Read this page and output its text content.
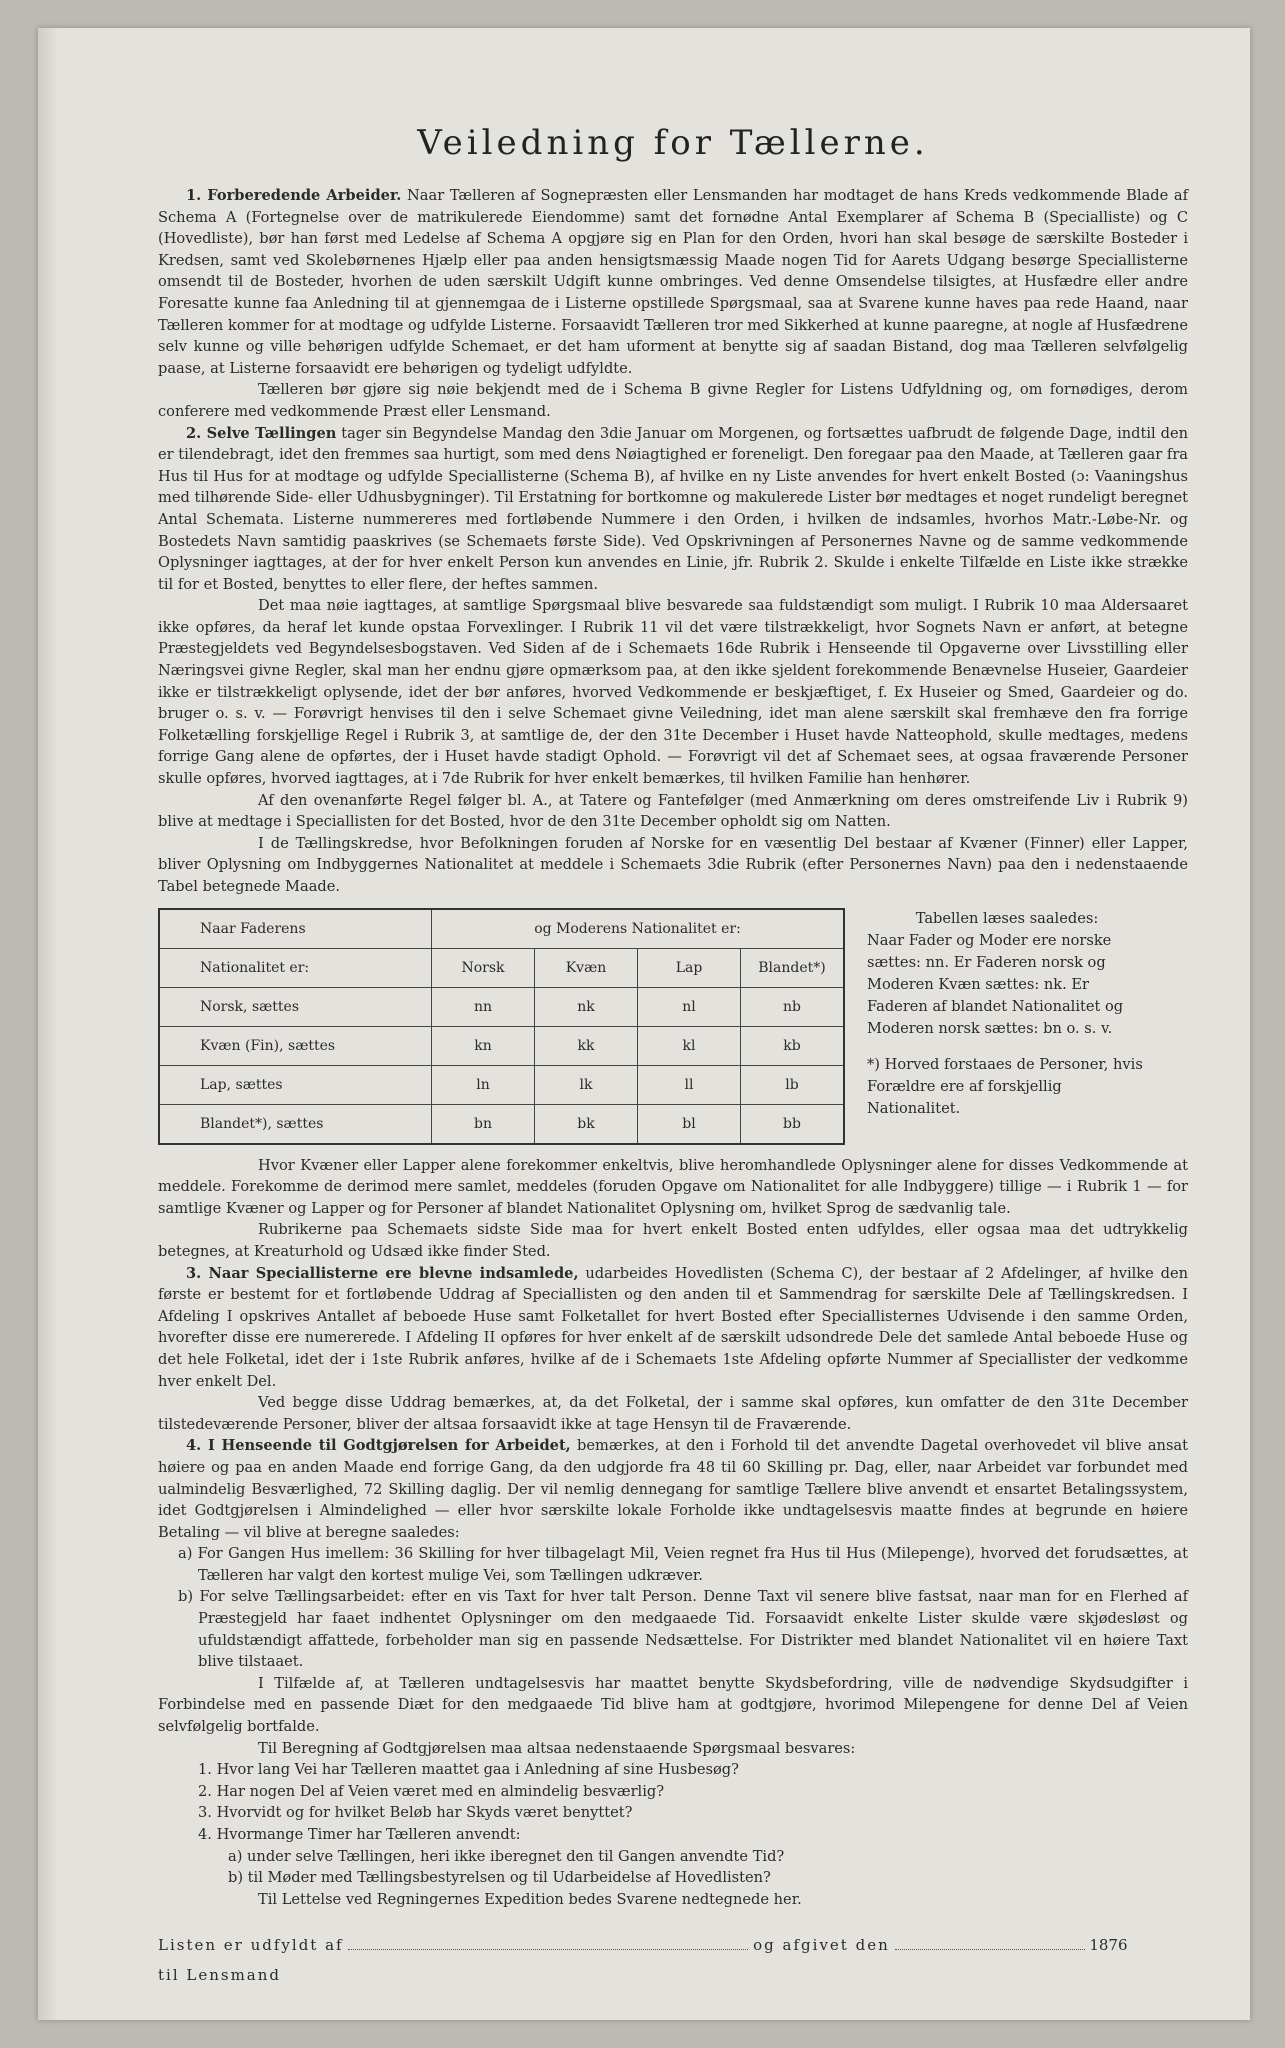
Veiledning for Tællerne.

1. Forberedende Arbeider. Naar Tælleren af Sognepræsten eller Lensmanden har modtaget de hans Kreds vedkommende Blade af Schema A (Fortegnelse over de matrikulerede Eiendomme) samt det fornødne Antal Exemplarer af Schema B (Specialliste) og C (Hovedliste), bør han først med Ledelse af Schema A opgjøre sig en Plan for den Orden, hvori han skal besøge de særskilte Bosteder i Kredsen, samt ved Skolebørnenes Hjælp eller paa anden hensigtsmæssig Maade nogen Tid for Aarets Udgang besørge Speciallisterne omsendt til de Bosteder, hvorhen de uden særskilt Udgift kunne ombringes. Ved denne Omsendelse tilsigtes, at Husfædre eller andre Foresatte kunne faa Anledning til at gjennemgaa de i Listerne opstillede Spørgsmaal, saa at Svarene kunne haves paa rede Haand, naar Tælleren kommer for at modtage og udfylde Listerne. Forsaavidt Tælleren tror med Sikkerhed at kunne paaregne, at nogle af Husfædrene selv kunne og ville behørigen udfylde Schemaet, er det ham uforment at benytte sig af saadan Bistand, dog maa Tælleren selvfølgelig paase, at Listerne forsaavidt ere behørigen og tydeligt udfyldte.

Tælleren bør gjøre sig nøie bekjendt med de i Schema B givne Regler for Listens Udfyldning og, om fornødiges, derom conferere med vedkommende Præst eller Lensmand.

2. Selve Tællingen tager sin Begyndelse Mandag den 3die Januar om Morgenen, og fortsættes uafbrudt de følgende Dage, indtil den er tilendebragt, idet den fremmes saa hurtigt, som med dens Nøiagtighed er foreneligt. Den foregaar paa den Maade, at Tælleren gaar fra Hus til Hus for at modtage og udfylde Speciallisterne (Schema B), af hvilke en ny Liste anvendes for hvert enkelt Bosted (ɔ: Vaaningshus med tilhørende Side- eller Udhusbygninger). Til Erstatning for bortkomne og makulerede Lister bør medtages et noget rundeligt beregnet Antal Schemata. Listerne nummereres med fortløbende Nummere i den Orden, i hvilken de indsamles, hvorhos Matr.-Løbe-Nr. og Bostedets Navn samtidig paaskrives (se Schemaets første Side). Ved Opskrivningen af Personernes Navne og de samme vedkommende Oplysninger iagttages, at der for hver enkelt Person kun anvendes en Linie, jfr. Rubrik 2. Skulde i enkelte Tilfælde en Liste ikke strække til for et Bosted, benyttes to eller flere, der heftes sammen.

Det maa nøie iagttages, at samtlige Spørgsmaal blive besvarede saa fuldstændigt som muligt. I Rubrik 10 maa Aldersaaret ikke opføres, da heraf let kunde opstaa Forvexlinger. I Rubrik 11 vil det være tilstrækkeligt, hvor Sognets Navn er anført, at betegne Præstegjeldets ved Begyndelsesbogstaven. Ved Siden af de i Schemaets 16de Rubrik i Henseende til Opgaverne over Livsstilling eller Næringsvei givne Regler, skal man her endnu gjøre opmærksom paa, at den ikke sjeldent forekommende Benævnelse Huseier, Gaardeier ikke er tilstrækkeligt oplysende, idet der bør anføres, hvorved Vedkommende er beskjæftiget, f. Ex Huseier og Smed, Gaardeier og do. bruger o. s. v. — Forøvrigt henvises til den i selve Schemaet givne Veiledning, idet man alene særskilt skal fremhæve den fra forrige Folketælling forskjellige Regel i Rubrik 3, at samtlige de, der den 31te December i Huset havde Natteophold, skulle medtages, medens forrige Gang alene de opførtes, der i Huset havde stadigt Ophold. — Forøvrigt vil det af Schemaet sees, at ogsaa fraværende Personer skulle opføres, hvorved iagttages, at i 7de Rubrik for hver enkelt bemærkes, til hvilken Familie han henhører.

Af den ovenanførte Regel følger bl. A., at Tatere og Fantefølger (med Anmærkning om deres omstreifende Liv i Rubrik 9) blive at medtage i Speciallisten for det Bosted, hvor de den 31te December opholdt sig om Natten.

I de Tællingskredse, hvor Befolkningen foruden af Norske for en væsentlig Del bestaar af Kvæner (Finner) eller Lapper, bliver Oplysning om Indbyggernes Nationalitet at meddele i Schemaets 3die Rubrik (efter Personernes Navn) paa den i nedenstaaende Tabel betegnede Maade.

Naar Faderens	og Moderens Nationalitet er:			
Nationalitet er:	Norsk	Kvæn	Lap	Blandet*)
Norsk, sættes	nn	nk	nl	nb
Kvæn (Fin), sættes	kn	kk	kl	kb
Lap, sættes	ln	lk	ll	lb
Blandet*), sættes	bn	bk	bl	bb
Tabellen læses saaledes:
Naar Fader og Moder ere norske sættes: nn. Er Faderen norsk og Moderen Kvæn sættes: nk. Er Faderen af blandet Nationalitet og Moderen norsk sættes: bn o. s. v.
*) Horved forstaaes de Personer, hvis Forældre ere af forskjellig Nationalitet.

Hvor Kvæner eller Lapper alene forekommer enkeltvis, blive heromhandlede Oplysninger alene for disses Vedkommende at meddele. Forekomme de derimod mere samlet, meddeles (foruden Opgave om Nationalitet for alle Indbyggere) tillige — i Rubrik 1 — for samtlige Kvæner og Lapper og for Personer af blandet Nationalitet Oplysning om, hvilket Sprog de sædvanlig tale.

Rubrikerne paa Schemaets sidste Side maa for hvert enkelt Bosted enten udfyldes, eller ogsaa maa det udtrykkelig betegnes, at Kreaturhold og Udsæd ikke finder Sted.

3. Naar Speciallisterne ere blevne indsamlede, udarbeides Hovedlisten (Schema C), der bestaar af 2 Afdelinger, af hvilke den første er bestemt for et fortløbende Uddrag af Speciallisten og den anden til et Sammendrag for særskilte Dele af Tællingskredsen. I Afdeling I opskrives Antallet af beboede Huse samt Folketallet for hvert Bosted efter Speciallisternes Udvisende i den samme Orden, hvorefter disse ere numererede. I Afdeling II opføres for hver enkelt af de særskilt udsondrede Dele det samlede Antal beboede Huse og det hele Folketal, idet der i 1ste Rubrik anføres, hvilke af de i Schemaets 1ste Afdeling opførte Nummer af Speciallister der vedkomme hver enkelt Del.

Ved begge disse Uddrag bemærkes, at, da det Folketal, der i samme skal opføres, kun omfatter de den 31te December tilstedeværende Personer, bliver der altsaa forsaavidt ikke at tage Hensyn til de Fraværende.

4. I Henseende til Godtgjørelsen for Arbeidet, bemærkes, at den i Forhold til det anvendte Dagetal overhovedet vil blive ansat høiere og paa en anden Maade end forrige Gang, da den udgjorde fra 48 til 60 Skilling pr. Dag, eller, naar Arbeidet var forbundet med ualmindelig Besværlighed, 72 Skilling daglig. Der vil nemlig dennegang for samtlige Tællere blive anvendt et ensartet Betalingssystem, idet Godtgjørelsen i Almindelighed — eller hvor særskilte lokale Forholde ikke undtagelsesvis maatte findes at begrunde en høiere Betaling — vil blive at beregne saaledes:

a) For Gangen Hus imellem: 36 Skilling for hver tilbagelagt Mil, Veien regnet fra Hus til Hus (Milepenge), hvorved det forudsættes, at Tælleren har valgt den kortest mulige Vei, som Tællingen udkræver.

b) For selve Tællingsarbeidet: efter en vis Taxt for hver talt Person. Denne Taxt vil senere blive fastsat, naar man for en Flerhed af Præstegjeld har faaet indhentet Oplysninger om den medgaaede Tid. Forsaavidt enkelte Lister skulde være skjødesløst og ufuldstændigt affattede, forbeholder man sig en passende Nedsættelse. For Distrikter med blandet Nationalitet vil en høiere Taxt blive tilstaaet.

I Tilfælde af, at Tælleren undtagelsesvis har maattet benytte Skydsbefordring, ville de nødvendige Skydsudgifter i Forbindelse med en passende Diæt for den medgaaede Tid blive ham at godtgjøre, hvorimod Milepengene for denne Del af Veien selvfølgelig bortfalde.

Til Beregning af Godtgjørelsen maa altsaa nedenstaaende Spørgsmaal besvares:

1. Hvor lang Vei har Tælleren maattet gaa i Anledning af sine Husbesøg?

2. Har nogen Del af Veien været med en almindelig besværlig?

3. Hvorvidt og for hvilket Beløb har Skyds været benyttet?

4. Hvormange Timer har Tælleren anvendt:

a) under selve Tællingen, heri ikke iberegnet den til Gangen anvendte Tid?

b) til Møder med Tællingsbestyrelsen og til Udarbeidelse af Hovedlisten?

Til Lettelse ved Regningernes Expedition bedes Svarene nedtegnede her.

Listen er udfyldt af	og afgivet den	1876
til Lensmand
